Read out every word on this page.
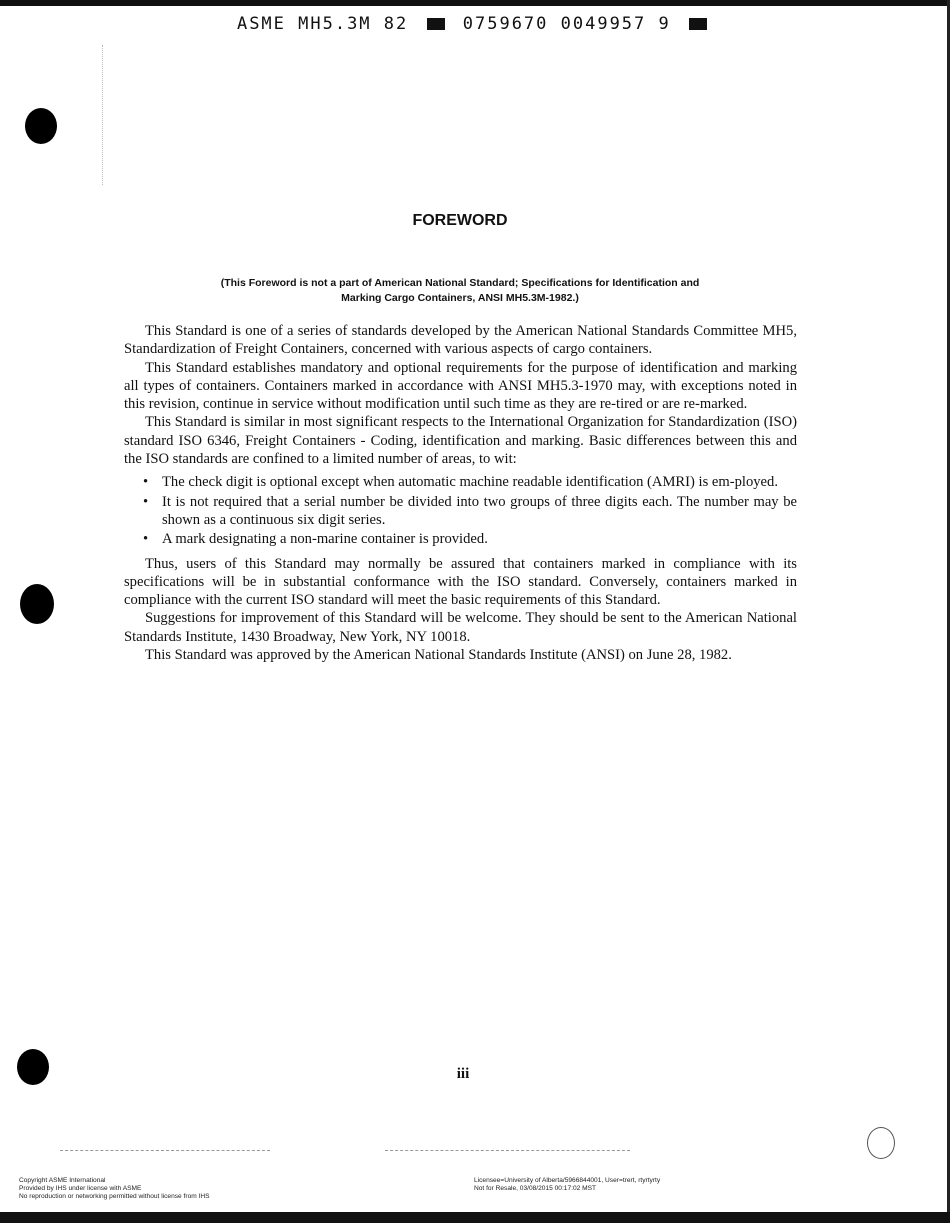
ASME MH5.3M 82	0759670 0049957 9
FOREWORD
(This Foreword is not a part of American National Standard; Specifications for Identification and
Marking Cargo Containers, ANSI MH5.3M-1982.)

This Standard is one of a series of standards developed by the American National Standards Committee MH5, Standardization of Freight Containers, concerned with various aspects of cargo containers.

This Standard establishes mandatory and optional requirements for the purpose of identification and marking all types of containers. Containers marked in accordance with ANSI MH5.3-1970 may, with exceptions noted in this revision, continue in service without modification until such time as they are re-tired or are re-marked.

This Standard is similar in most significant respects to the International Organization for Standardization (ISO) standard ISO 6346, Freight Containers - Coding, identification and marking. Basic differences between this and the ISO standards are confined to a limited number of areas, to wit:

• The check digit is optional except when automatic machine readable identification (AMRI) is em-ployed.
• It is not required that a serial number be divided into two groups of three digits each. The number may be shown as a continuous six digit series.
• A mark designating a non-marine container is provided.

Thus, users of this Standard may normally be assured that containers marked in compliance with its specifications will be in substantial conformance with the ISO standard. Conversely, containers marked in compliance with the current ISO standard will meet the basic requirements of this Standard.

Suggestions for improvement of this Standard will be welcome. They should be sent to the American National Standards Institute, 1430 Broadway, New York, NY 10018.

This Standard was approved by the American National Standards Institute (ANSI) on June 28, 1982.

iii
Copyright ASME International
Provided by IHS under license with ASME
No reproduction or networking permitted without license from IHS
Licensee=University of Alberta/5966844001, User=trert, rtyrtyrty
Not for Resale, 03/08/2015 00:17:02 MST
